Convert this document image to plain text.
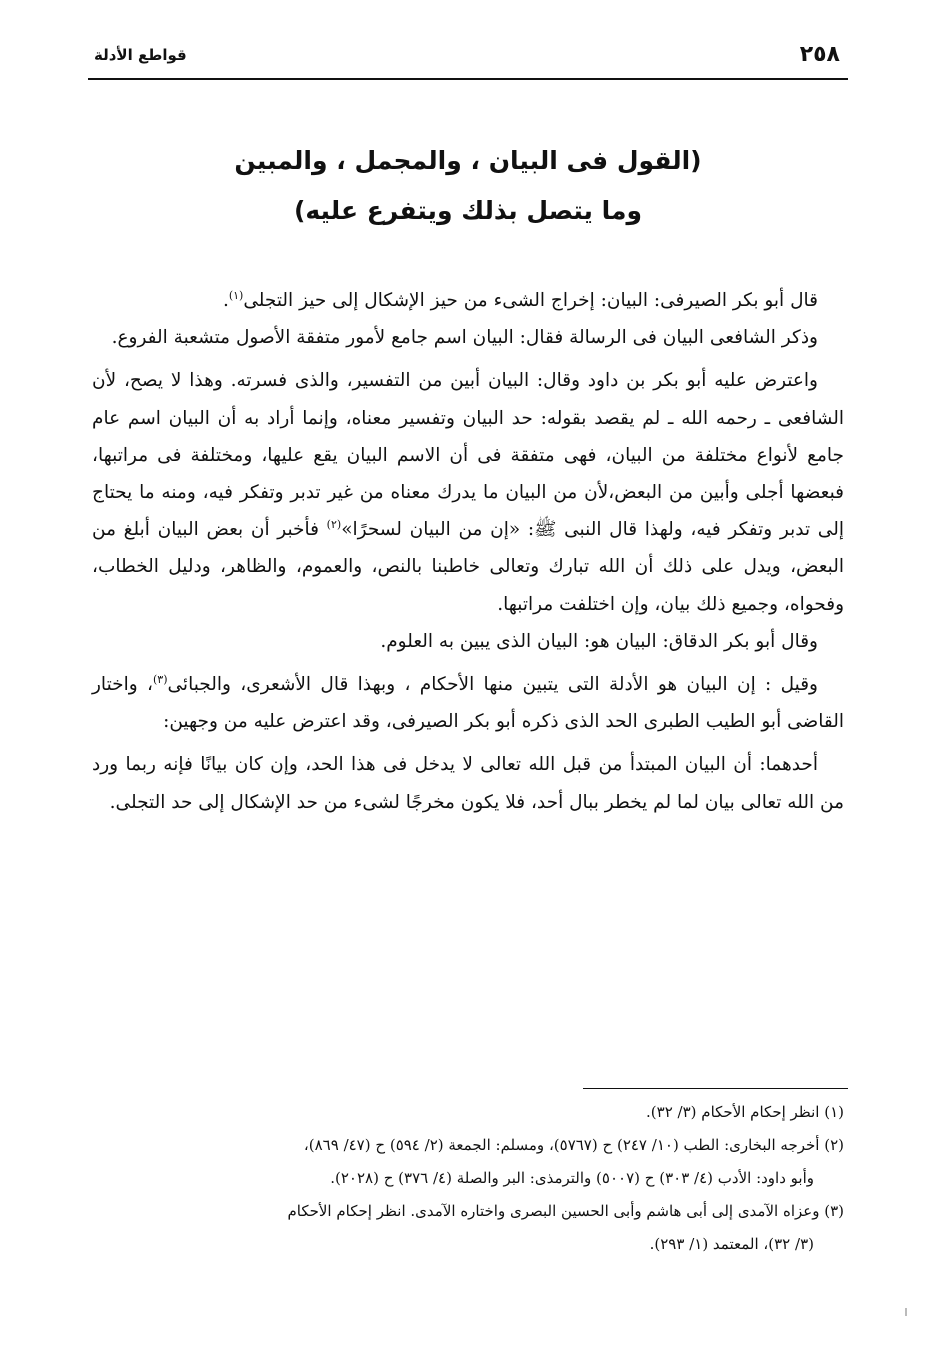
٢٥٨
قواطع الأدلة
(القول فى البيان ، والمجمل ، والمبين
وما يتصل بذلك ويتفرع عليه)

قال أبو بكر الصيرفى: البيان: إخراج الشىء من حيز الإشكال إلى حيز التجلى$^{(١)}$.

وذكر الشافعى البيان فى الرسالة فقال: البيان اسم جامع لأمور متفقة الأصول متشعبة الفروع.

واعترض عليه أبو بكر بن داود وقال: البيان أبين من التفسير، والذى فسرته. وهذا لا يصح، لأن الشافعى ـ رحمه الله ـ لم يقصد بقوله: حد البيان وتفسير معناه، وإنما أراد به أن البيان اسم عام جامع لأنواع مختلفة من البيان، فهى متفقة فى أن الاسم البيان يقع عليها، ومختلفة فى مراتبها، فبعضها أجلى وأبين من البعض،لأن من البيان ما يدرك معناه من غير تدبر وتفكر فيه، ومنه ما يحتاج إلى تدبر وتفكر فيه، ولهذا قال النبى ﷺ: «إن من البيان لسحرًا»$^{(٢)}$ فأخبر أن بعض البيان أبلغ من البعض، ويدل على ذلك أن الله تبارك وتعالى خاطبنا بالنص، والعموم، والظاهر، ودليل الخطاب، وفحواه، وجميع ذلك بيان، وإن اختلفت مراتبها.

وقال أبو بكر الدقاق: البيان هو: البيان الذى يبين به العلوم.

وقيل : إن البيان هو الأدلة التى يتبين منها الأحكام ، وبهذا قال الأشعرى، والجبائى$^{(٣)}$، واختار القاضى أبو الطيب الطبرى الحد الذى ذكره أبو بكر الصيرفى، وقد اعترض عليه من وجهين:

أحدهما: أن البيان المبتدأ من قبل الله تعالى لا يدخل فى هذا الحد، وإن كان بيانًا فإنه ربما ورد من الله تعالى بيان لما لم يخطر ببال أحد، فلا يكون مخرجًا لشىء من حد الإشكال إلى حد التجلى.

(١) انظر إحكام الأحكام (٣/ ٣٢).

(٢) أخرجه البخارى: الطب (١٠/ ٢٤٧) ح (٥٧٦٧)، ومسلم: الجمعة (٢/ ٥٩٤) ح (٤٧/ ٨٦٩)،

وأبو داود: الأدب (٤/ ٣٠٣) ح (٥٠٠٧) والترمذى: البر والصلة (٤/ ٣٧٦) ح (٢٠٢٨).

(٣) وعزاه الآمدى إلى أبى هاشم وأبى الحسين البصرى واختاره الآمدى. انظر إحكام الأحكام

(٣/ ٣٢)، المعتمد (١/ ٢٩٣).
